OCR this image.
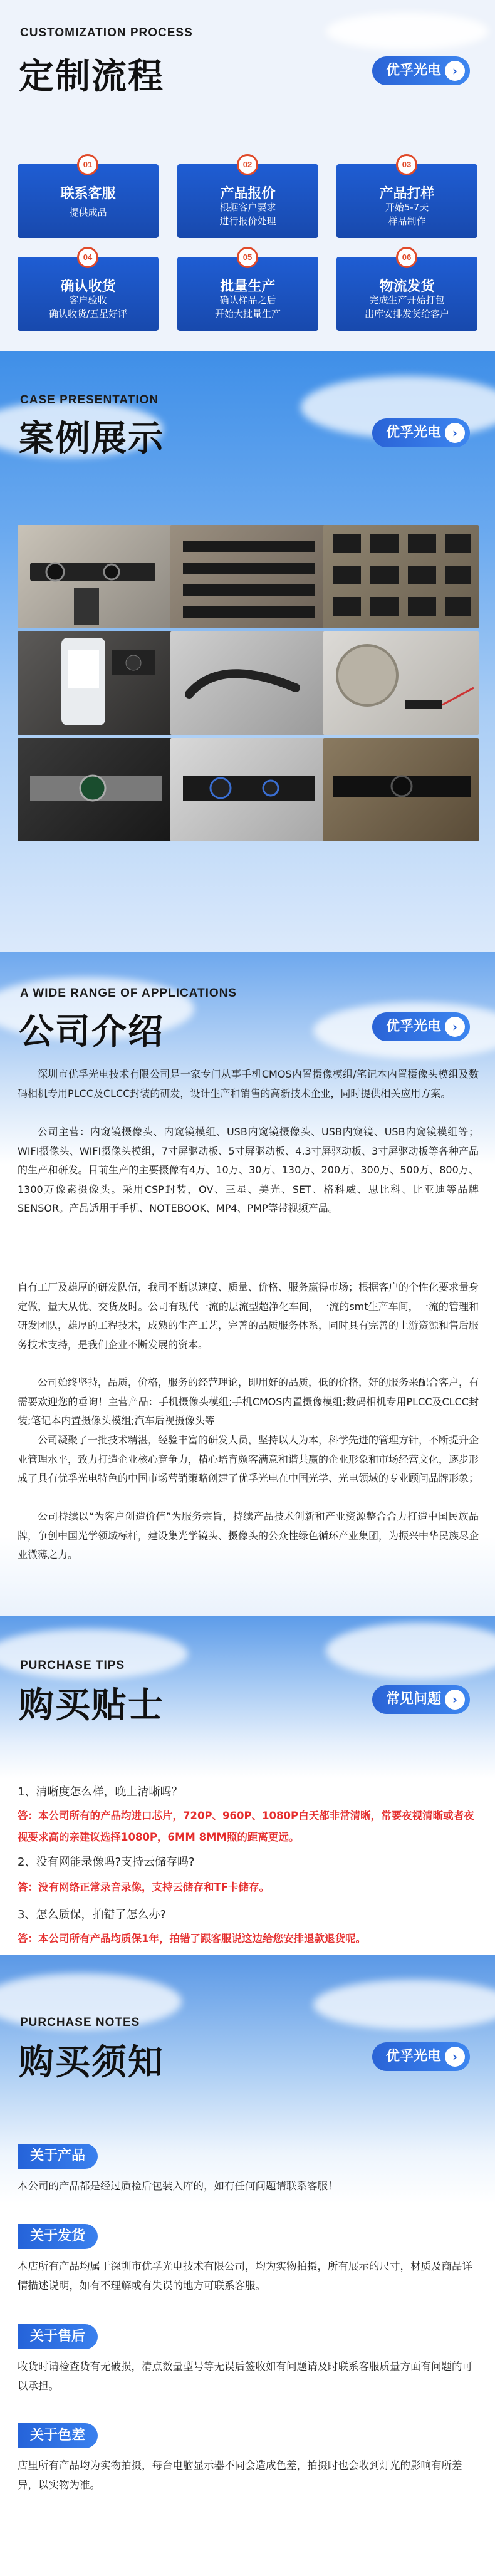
CUSTOMIZATION PROCESS
定制流程	优孚光电 ›
01
联系客服
提供成品
02
产品报价
根据客户要求
进行报价处理
03
产品打样
开始5-7天
样品制作
04
确认收货
客户验收
确认收货/五星好评
05
批量生产
确认样品之后
开始大批量生产
06
物流发货
完成生产开始打包
出库安排发货给客户
CASE PRESENTATION
案例展示	优孚光电 ›
A WIDE RANGE OF APPLICATIONS
公司介绍	优孚光电 ›
深圳市优孚光电技术有限公司是一家专门从事手机CMOS内置摄像模组/笔记本内置摄像头模组及数码相机专用PLCC及CLCC封装的研发，设计生产和销售的高新技术企业，同时提供相关应用方案。
公司主营：内窥镜摄像头、内窥镜模组、USB内窥镜摄像头、USB内窥镜、USB内窥镜模组等；WIFI摄像头、WIFI摄像头模组，7寸屏驱动板、5寸屏驱动板、4.3寸屏驱动板、3寸屏驱动板等各种产品的生产和研发。目前生产的主要摄像有4万、10万、30万、130万、200万、300万、500万、800万、1300万像素摄像头。采用CSP封装，OV、三星、美光、SET、格科威、思比科、比亚迪等品牌SENSOR。产品适用于手机、NOTEBOOK、MP4、PMP等带视频产品。
自有工厂及雄厚的研发队伍，我司不断以速度、质量、价格、服务赢得市场；根据客户的个性化要求量身定做，量大从优、交货及时。公司有现代一流的层流型超净化车间，一流的smt生产车间，一流的管理和研发团队，雄厚的工程技术，成熟的生产工艺，完善的品质服务体系，同时具有完善的上游资源和售后服务技术支持，是我们企业不断发展的资本。
公司始终坚持，品质，价格，服务的经营理论，即用好的品质，低的价格，好的服务来配合客户，有需要欢迎您的垂询！主营产品：手机摄像头模组;手机CMOS内置摄像模组;数码相机专用PLCC及CLCC封装;笔记本内置摄像头模组;汽车后视摄像头等
公司凝聚了一批技术精湛，经验丰富的研发人员，坚持以人为本，科学先进的管理方针，不断提升企业管理水平，致力打造企业核心竞争力，精心培育颇客满意和谐共赢的企业形象和市场经营文化，逐步形成了具有优孚光电特色的中国市场营销策略创建了优孚光电在中国光学、光电领域的专业顾问品牌形象；
公司持续以“为客户创造价值”为服务宗旨，持续产品技术创新和产业资源整合合力打造中国民族品牌，争创中国光学领域标杆，建设集光学镜头、摄像头的公众性绿色循环产业集团，为振兴中华民族尽企业微薄之力。
PURCHASE TIPS
购买贴士	常见问题 ›
1、清晰度怎么样，晚上清晰吗？
答：本公司所有的产品均进口芯片，720P、960P、1080P白天都非常清晰，常要夜视清晰或者夜视要求高的亲建议选择1080P，6MM 8MM照的距离更远。
2、没有网能录像吗?支持云储存吗?
答：没有网络正常录音录像，支持云储存和TF卡储存。
3、怎么质保，拍错了怎么办?
答：本公司所有产品均质保1年，拍错了跟客服说这边给您安排退款退货呢。
PURCHASE NOTES
购买须知	优孚光电 ›
关于产品
本公司的产品都是经过质检后包装入库的，如有任何问题请联系客服！
关于发货
本店所有产品均属于深圳市优孚光电技术有限公司，均为实物拍摄，所有展示的尺寸，材质及商品详情描述说明，如有不理解或有失误的地方可联系客服。
关于售后
收货时请检查货有无破损，清点数量型号等无误后签收如有问题请及时联系客服质量方面有问题的可以承担。
关于色差
店里所有产品均为实物拍摄，每台电脑显示器不同会造成色差，拍摄时也会收到灯光的影响有所差异，以实物为准。
